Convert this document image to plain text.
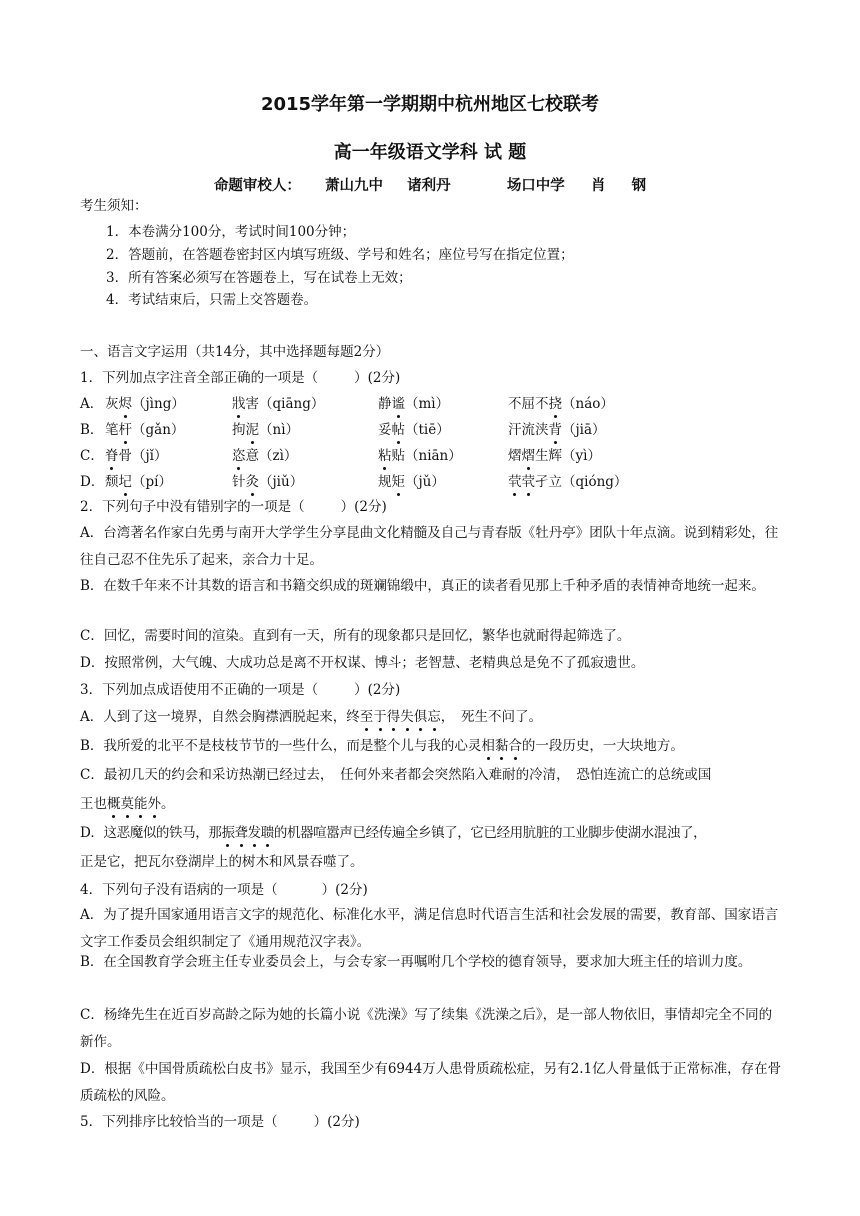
2015学年第一学期期中杭州地区七校联考
高一年级语文学科 试 题
命题审校人： 萧山九中 诸利丹	场口中学 肖 钢
考生须知：
1．本卷满分100分，考试时间100分钟；
2．答题前，在答题卷密封区内填写班级、学号和姓名；座位号写在指定位置；
3．所有答案必须写在答题卷上，写在试卷上无效；
4．考试结束后，只需上交答题卷。
一、语言文字运用（共14分，其中选择题每题2分）
1．下列加点字注音全部正确的一项是（	）(2分)
A． 灰烬（jìng）	戕害（qiāng）	静谧（mì）	不屈不挠（náo）
B． 笔杆（gǎn）	拘泥（nì）	妥帖（tiē）	汗流浃背（jiā）
C． 脊骨（jǐ）	恣意（zì）	粘贴（niān）	熠熠生辉（yì）
D． 颓圮（pí）	针灸（jiǔ）	规矩（jǔ）	茕茕孑立（qióng）
2．下列句子中没有错别字的一项是（	）(2分)
A．台湾著名作家白先勇与南开大学学生分享昆曲文化精髓及自己与青春版《牡丹亭》团队十年点滴。说到精彩处，往往自己忍不住先乐了起来，亲合力十足。
B．在数千年来不计其数的语言和书籍交织成的斑斓锦缎中，真正的读者看见那上千种矛盾的表情神奇地统一起来。
C．回忆，需要时间的渲染。直到有一天，所有的现象都只是回忆，繁华也就耐得起筛选了。
D．按照常例，大气魄、大成功总是离不开权谋、博斗；老智慧、老精典总是免不了孤寂遗世。
3．下列加点成语使用不正确的一项是（	）(2分)
A．人到了这一境界，自然会胸襟洒脱起来，终至于得失俱忘，　死生不问了。
B．我所爱的北平不是枝枝节节的一些什么，而是整个儿与我的心灵相黏合的一段历史，一大块地方。
C．最初几天的约会和采访热潮已经过去，　任何外来者都会突然陷入难耐的冷清，　恐怕连流亡的总统或国
王也概莫能外。
D．这恶魔似的铁马，那振聋发聩的机器喧嚣声已经传遍全乡镇了，它已经用肮脏的工业脚步使湖水混浊了，
正是它，把瓦尔登湖岸上的树木和风景吞噬了。
4．下列句子没有语病的一项是（	）(2分)
A．为了提升国家通用语言文字的规范化、标准化水平，满足信息时代语言生活和社会发展的需要，教育部、国家语言文字工作委员会组织制定了《通用规范汉字表》。
B．在全国教育学会班主任专业委员会上，与会专家一再嘱咐几个学校的德育领导，要求加大班主任的培训力度。
C．杨绛先生在近百岁高龄之际为她的长篇小说《洗澡》写了续集《洗澡之后》，是一部人物依旧，事情却完全不同的新作。
D．根据《中国骨质疏松白皮书》显示，我国至少有6944万人患骨质疏松症，另有2.1亿人骨量低于正常标准，存在骨质疏松的风险。
5．下列排序比较恰当的一项是（	）(2分)
